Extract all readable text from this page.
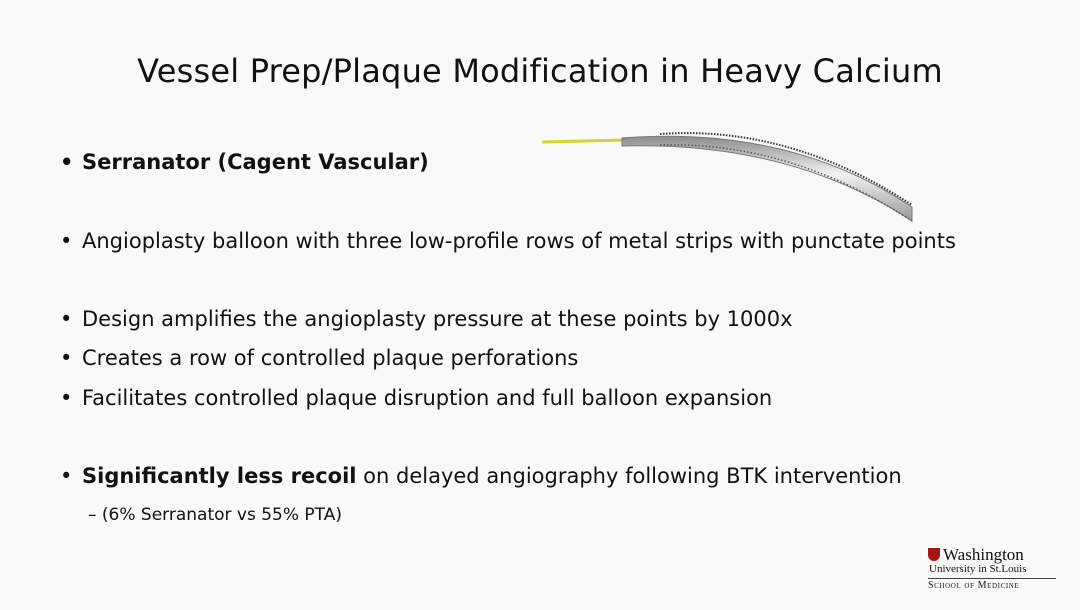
Vessel Prep/Plaque Modification in Heavy Calcium
• Serranator (Cagent Vascular)
• Angioplasty balloon with three low-profile rows of metal strips with punctate points
• Design amplifies the angioplasty pressure at these points by 1000x
• Creates a row of controlled plaque perforations
• Facilitates controlled plaque disruption and full balloon expansion
• Significantly less recoil on delayed angiography following BTK intervention
– (6% Serranator vs 55% PTA)
Washington
University in St.Louis
School of Medicine
